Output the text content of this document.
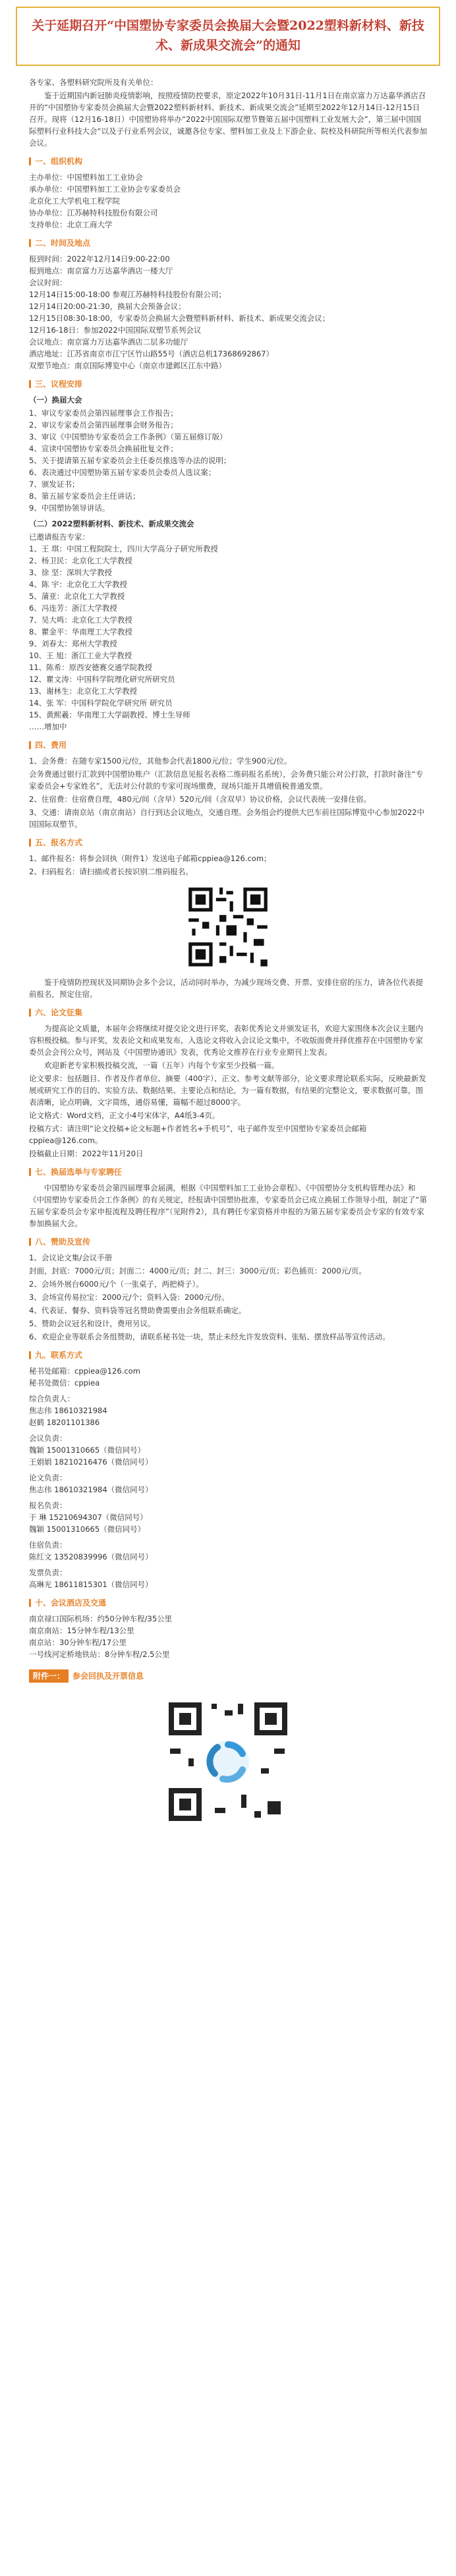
关于延期召开“中国塑协专家委员会换届大会暨2022塑料新材料、新技术、新成果交流会”的通知

各专家、各塑料研究院所及有关单位：

鉴于近期国内新冠肺炎疫情影响，按照疫情防控要求，原定2022年10月31日-11月1日在南京富力万达嘉华酒店召开的“中国塑协专家委员会换届大会暨2022塑料新材料、新技术、新成果交流会”延期至2022年12月14日-12月15日召开。现将（12月16-18日）中国塑协将举办“2022中国国际双塑节暨第五届中国塑料工业发展大会”，第三届中国国际塑料行业科技大会“以及子行业系列会议，诚邀各位专家、塑料加工业及上下游企业、院校及科研院所等相关代表参加会议。

一、组织机构

主办单位：中国塑料加工工业协会

承办单位：中国塑料加工工业协会专家委员会

北京化工大学机电工程学院

协办单位：江苏赫特科技股份有限公司

支持单位：北京工商大学

二、时间及地点

报到时间：2022年12月14日9:00-22:00

报到地点：南京富力万达嘉华酒店一楼大厅

会议时间：

12月14日15:00-18:00 参观江苏赫特科技股份有限公司；

12月14日20:00-21:30，换届大会预备会议；

12月15日08:30-18:00，专家委员会换届大会暨塑料新材料、新技术、新成果交流会议；

12月16-18日：参加2022中国国际双塑节系列会议

会议地点：南京富力万达嘉华酒店二层多功能厅

酒店地址：江苏省南京市江宁区竹山路55号（酒店总机17368692867）

双塑节地点：南京国际博览中心（南京市建邺区江东中路）

三、议程安排

（一）换届大会

1、审议专家委员会第四届理事会工作报告；

2、审议专家委员会第四届理事会财务报告；

3、审议《中国塑协专家委员会工作条例》（第五届修订版）

4、宣读中国塑协专家委员会换届批复文件；

5、关于提请第五届专家委员会主任委员推选等办法的说明；

6、表决通过中国塑协第五届专家委员会委员人选议案；

7、颁发证书；

8、第五届专家委员会主任讲话；

9、中国塑协领导讲话。

（二）2022塑料新材料、新技术、新成果交流会

已邀请报告专家：

1、王 琪：中国工程院院士，四川大学高分子研究所教授

2、杨卫民：北京化工大学教授

3、徐 坚：深圳大学教授

4、陈 宇：北京化工大学教授

5、蒲亚：北京化工大学教授

6、冯连芳：浙江大学教授

7、吴大鸣：北京化工大学教授

8、瞿金平：华南理工大学教授

9、刘春太：郑州大学教授

10、王 旭：浙江工业大学教授

11、陈希：原西安德赛交通学院教授

12、瞿文涛：中国科学院理化研究所研究员

13、谢林生：北京化工大学教授

14、张 军：中国科学院化学研究所 研究员

15、黄熙羲：华南理工大学副教授、博士生导师

……增加中

四、费用

1、会务费：在随专家1500元/位，其他参会代表1800元/位；学生900元/位。

会务费通过银行汇款到中国塑协账户（汇款信息见报名表格二维码报名系统），会务费只能公对公打款，打款时备注“专家委员会+专家姓名”，无法对公付款的专家可现场缴费，现场只能开具增值税普通发票。

2、住宿费：住宿费自理，480元/间（含早）520元/间（含双早）协议价格，会议代表统一安排住宿。

3、交通：请南京站（南京南站）自行到达会议地点，交通自理。会务组会约提供大巴车前往国际博览中心参加2022中国国际双塑节。

五、报名方式

1、邮件报名：将参会回执（附件1）发送电子邮箱cppiea@126.com；

2、扫码报名：请扫描或者长按识别二维码报名。

鉴于疫情防控现状及同期协会多个会议，活动同时举办，为减少现场交费、开票、安排住宿的压力，请各位代表提前报名，预定住宿。

六、论文征集

为提高论文质量，本届年会将继续对提交论文进行评奖，表彰优秀论文并颁发证书，欢迎大家围绕本次会议主题内容积极投稿。参与评奖，发表论文和成果发布，入选论文将收入会议论文集中，不收版面费并择优推荐在中国塑协专家委员会会刊公众号，网站及《中国塑协通讯》发表，优秀论文推荐在行业专业期刊上发表。

欢迎新老专家积极投稿交流，一篇（五年）内每个专家至少投稿一篇。

论文要求：包括题目、作者及作者单位、摘要（400字）、正文、参考文献等部分，论文要求理论联系实际，反映最新发展或研究工作的目的、实验方法、数据结果、主要论点和结论，为一篇有数据，有结果的完整论文，要求数据可靠，图表清晰，论点明确，文字简练，通俗易懂，篇幅不超过8000字。

论文格式：Word文档，正文小4号宋体字，A4纸3-4页。

投稿方式：请注明“论文投稿+论文标题+作者姓名+手机号”，电子邮件发至中国塑协专家委员会邮箱cppiea@126.com。

投稿截止日期：2022年11月20日

七、换届选举与专家聘任

中国塑协专家委员会第四届理事会届满，根据《中国塑料加工工业协会章程》、《中国塑协分支机构管理办法》和《中国塑协专家委员会工作条例》的有关规定，经报请中国塑协批准，专家委员会已成立换届工作领导小组，制定了“第五届专家委员会专家申报流程及聘任程序”（见附件2），具有聘任专家资格并申报的为第五届专家委员会专家的有效专家参加换届大会。

八、赞助及宣传

1、会议论文集/会议手册

封面，封底：7000元/页；封面二：4000元/页；封二、封三：3000元/页；彩色插页：2000元/页。

2、会场外展台6000元/个（一张桌子，两把椅子）。

3、会场宣传易拉宝：2000元/个；资料入袋：2000元/份。

4、代表证、餐券、资料袋等冠名赞助费需要由会务组联系确定。

5、赞助会议冠名和设计，费用另议。

6、欢迎企业等联系会务组赞助，请联系秘书处一块，禁止未经允许发放资料、张贴、摆放样品等宣传活动。

九、联系方式

秘书处邮箱：cppiea@126.com

秘书处微信：cppiea

综合负责人：

焦志伟 18610321984

赵鹤 18201101386

会议负责：

魏颖 15001310665（微信同号）

王娟娟 18210216476（微信同号）

论文负责：

焦志伟 18610321984（微信同号）

报名负责：

于 琳 15210694307（微信同号）

魏颖 15001310665（微信同号）

住宿负责：

陈红文 13520839996（微信同号）

发票负责：

高琳光 18611815301（微信同号）

十、会议酒店及交通

南京禄口国际机场：约50分钟车程/35公里

南京南站：15分钟车程/13公里

南京站：30分钟车程/17公里

一号线河定桥地铁站：8分钟车程/2.5公里

附件一：	参会回执及开票信息
